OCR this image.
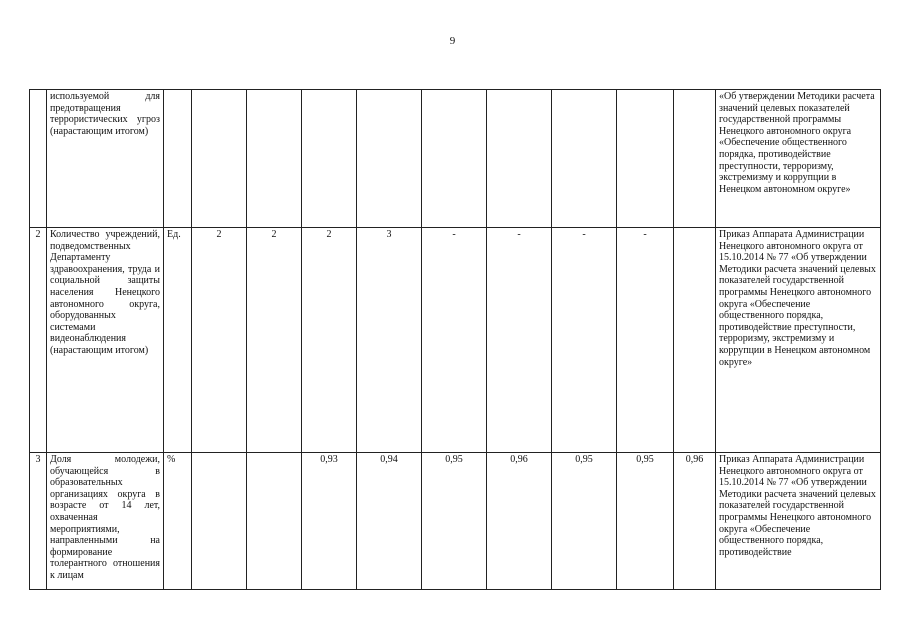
9
	используемой для предотвращения террористических угроз (нарастающим итогом)											«Об утверждении Методики расчета значений целевых показателей государственной программы Ненецкого автономного округа «Обеспечение общественного порядка, противодействие преступности, терроризму, экстремизму и коррупции в Ненецком автономном округе»
2	Количество учреждений, подведомственных Департаменту здравоохранения, труда и социальной защиты населения Ненецкого автономного округа, оборудованных системами видеонаблюдения (нарастающим итогом)	Ед.	2	2	2	3	-	-	-	-		Приказ Аппарата Администрации Ненецкого автономного округа от 15.10.2014 № 77 «Об утверждении Методики расчета значений целевых показателей государственной программы Ненецкого автономного округа «Обеспечение общественного порядка, противодействие преступности, терроризму, экстремизму и коррупции в Ненецком автономном округе»
3	Доля молодежи, обучающейся в образовательных организациях округа в возрасте от 14 лет, охваченная мероприятиями, направленными на формирование толерантного отношения к лицам	%			0,93	0,94	0,95	0,96	0,95	0,95	0,96	Приказ Аппарата Администрации Ненецкого автономного округа от 15.10.2014 № 77 «Об утверждении Методики расчета значений целевых показателей государственной программы Ненецкого автономного округа «Обеспечение общественного порядка, противодействие
